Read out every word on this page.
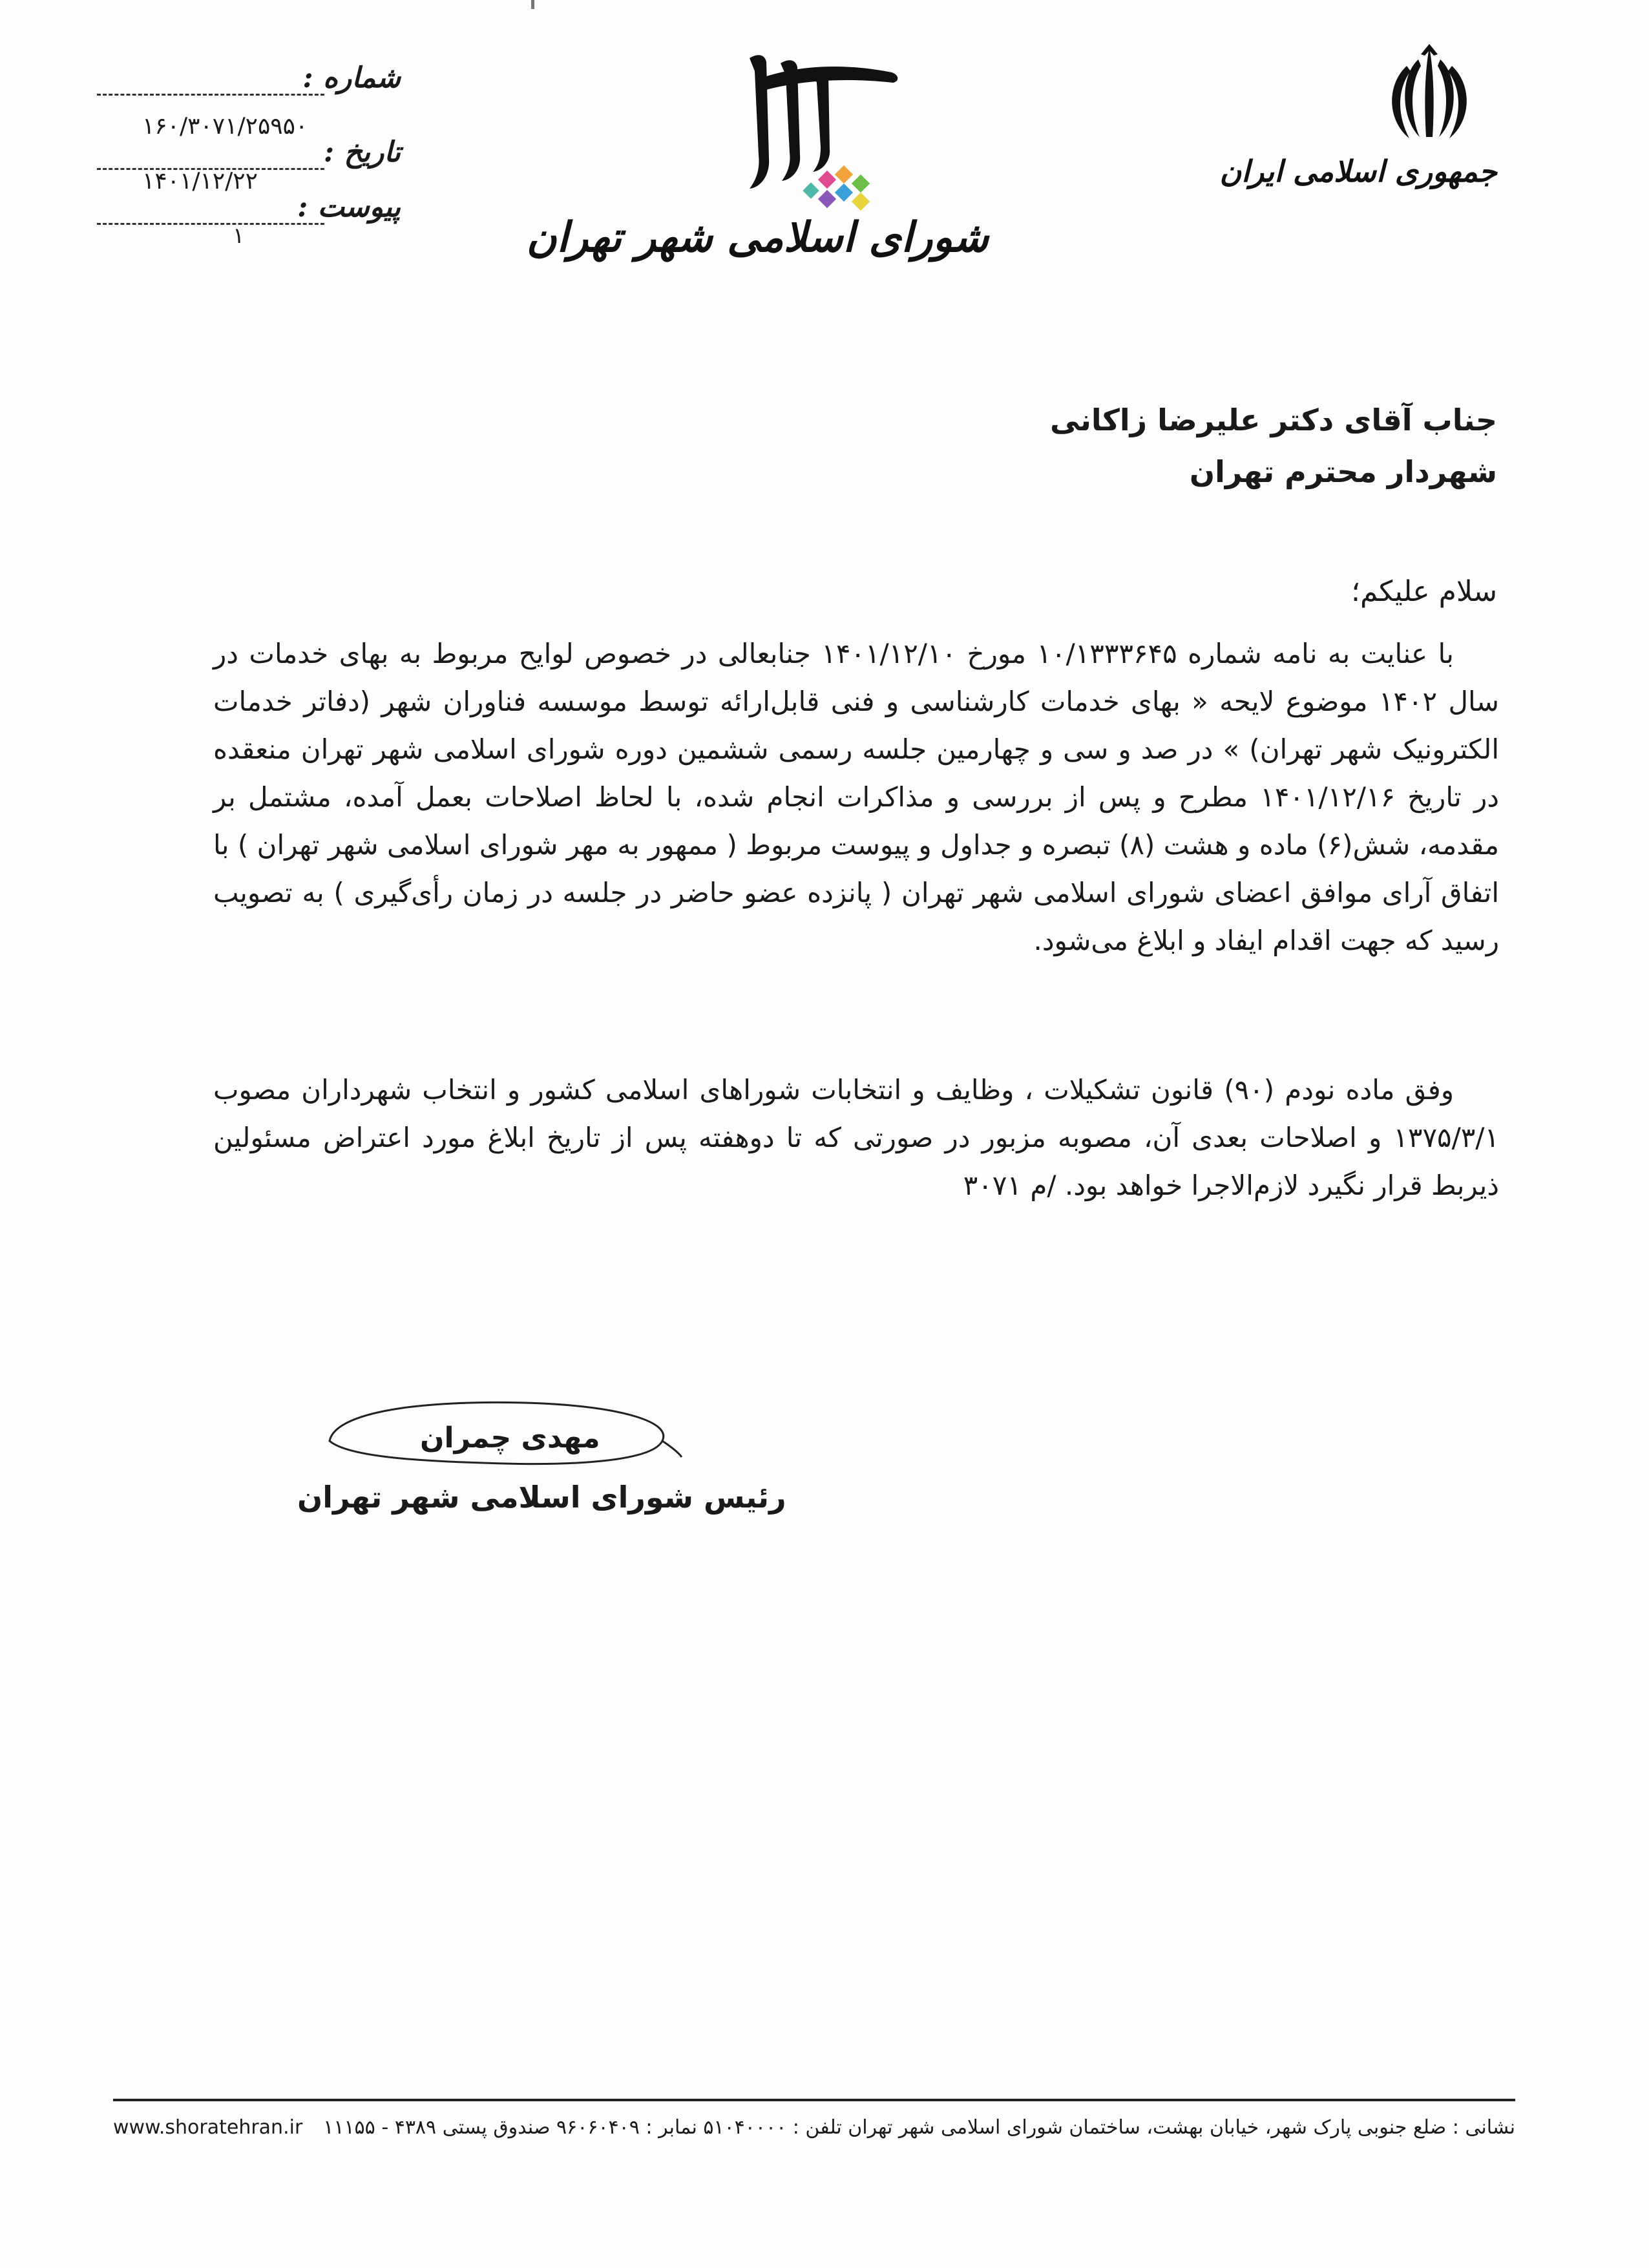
شماره :
۱۶۰/۳۰۷۱/۲۵۹۵۰
تاریخ :
۱۴۰۱/۱۲/۲۲
پیوست :
۱	شورای اسلامی شهر تهران
جمهوری اسلامی ایران
جناب آقای دکتر علیرضا زاکانی
شهردار محترم تهران
سلام علیکم؛
با عنایت به نامه شماره ۱۰/۱۳۳۳۶۴۵ مورخ ۱۴۰۱/۱۲/۱۰ جنابعالی در خصوص لوایح مربوط به بهای خدمات در سال ۱۴۰۲ موضوع لایحه « بهای خدمات کارشناسی و فنی قابل‌ارائه توسط موسسه فناوران شهر (دفاتر خدمات الکترونیک شهر تهران) » در صد و سی و چهارمین جلسه رسمی ششمین دوره شورای اسلامی شهر تهران منعقده در تاریخ ۱۴۰۱/۱۲/۱۶ مطرح و پس از بررسی و مذاکرات انجام شده، با لحاظ اصلاحات بعمل آمده، مشتمل بر مقدمه، شش(۶) ماده و هشت (۸) تبصره و جداول و پیوست مربوط ( ممهور به مهر شورای اسلامی شهر تهران ) با اتفاق آرای موافق اعضای شورای اسلامی شهر تهران ( پانزده عضو حاضر در جلسه در زمان رأی‌گیری ) به تصویب رسید که جهت اقدام ایفاد و ابلاغ می‌شود.
وفق ماده نودم (۹۰) قانون تشکیلات ، وظایف و انتخابات شوراهای اسلامی کشور و انتخاب شهرداران مصوب ۱۳۷۵/۳/۱ و اصلاحات بعدی آن، مصوبه مزبور در صورتی که تا دوهفته پس از تاریخ ابلاغ مورد اعتراض مسئولین ذیربط قرار نگیرد لازم‌الاجرا خواهد بود. /م ۳۰۷۱
مهدی چمران
رئیس شورای اسلامی شهر تهران
نشانی : ضلع جنوبی پارک شهر، خیابان بهشت، ساختمان شورای اسلامی شهر تهران تلفن : ۵۱۰۴۰۰۰۰ نمابر : ۹۶۰۶۰۴۰۹ صندوق پستی ۴۳۸۹ - ۱۱۱۵۵
www.shoratehran.ir
